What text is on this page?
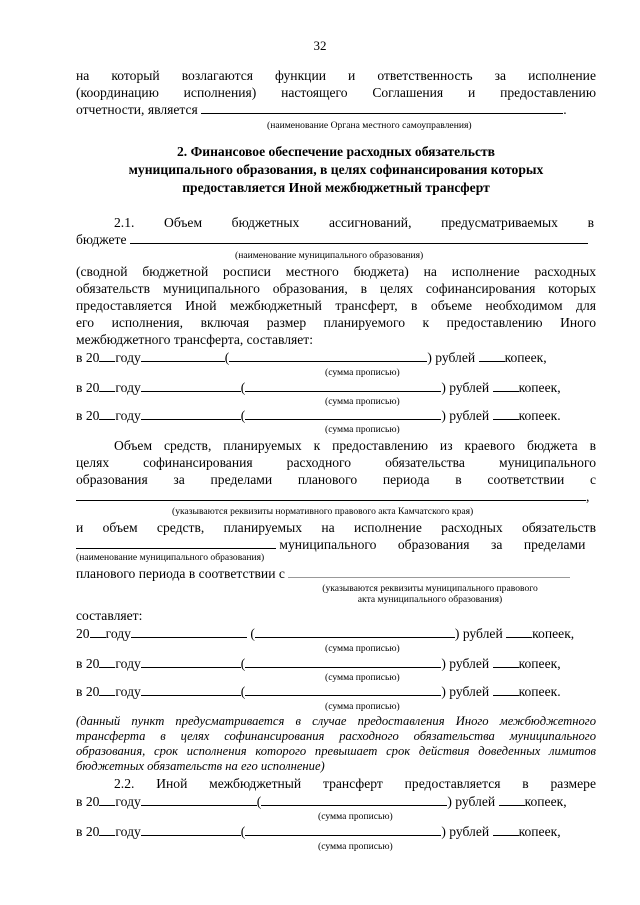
32
на который возлагаются функции и ответственность за исполнение
(координацию исполнения) настоящего Соглашения и предоставлению
отчетности, является	.
(наименование Органа местного самоуправления)
2. Финансовое обеспечение расходных обязательств
муниципального образования, в целях софинансирования которых
предоставляется Иной межбюджетный трансферт
2.1. Объем бюджетных ассигнований, предусматриваемых в
бюджете
(наименование муниципального образования)
(сводной бюджетной росписи местного бюджета) на исполнение расходных
обязательств муниципального образования, в целях софинансирования которых
предоставляется Иной межбюджетный трансферт, в объеме необходимом для
его исполнения, включая размер планируемого к предоставлению Иного
межбюджетного трансферта, составляет:
в 20 году	(	) рублей копеек,
(сумма прописью)
в 20 году	(	) рублей копеек,
(сумма прописью)
в 20 году	(	) рублей копеек.
(сумма прописью)
Объем средств, планируемых к предоставлению из краевого бюджета в
целях софинансирования расходного обязательства муниципального
образования за пределами планового периода в соответствии с
,
(указываются реквизиты нормативного правового акта Камчатского края)
и объем средств, планируемых на исполнение расходных обязательств
муниципального образования за пределами
(наименование муниципального образования)
планового периода в соответствии с
(указываются реквизиты муниципального правового
акта муниципального образования)
составляет:
20 году	(	) рублей копеек,
(сумма прописью)
в 20 году	(	) рублей копеек,
(сумма прописью)
в 20 году	(	) рублей копеек.
(сумма прописью)
(данный пункт предусматривается в случае предоставления Иного межбюджетного
трансферта в целях софинансирования расходного обязательства муниципального
образования, срок исполнения которого превышает срок действия доведенных лимитов
бюджетных обязательств на его исполнение)
2.2. Иной межбюджетный трансферт предоставляется в размере
в 20 году	(	) рублей копеек,
(сумма прописью)
в 20 году	(	) рублей копеек,
(сумма прописью)
